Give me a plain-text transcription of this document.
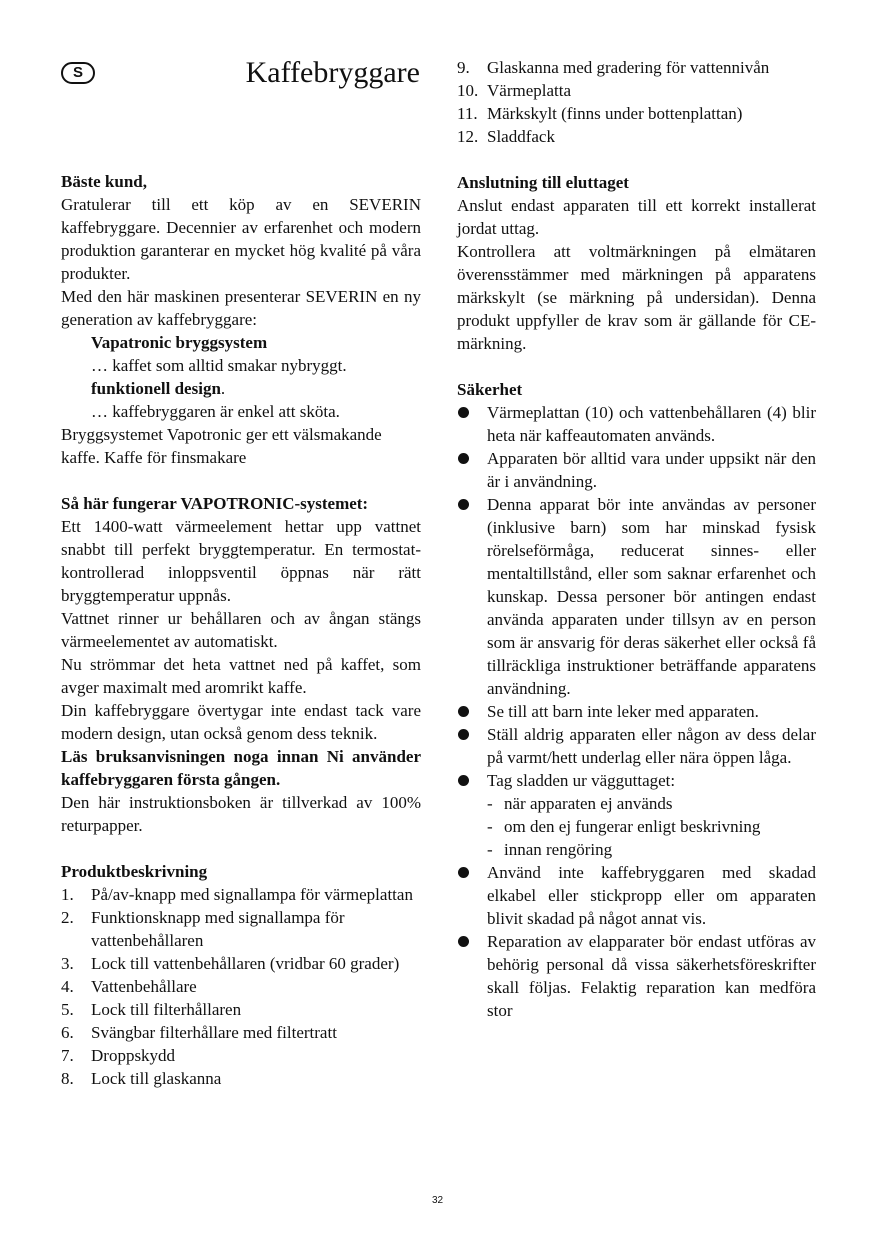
S	Kaffebryggare

Bäste kund,

Gratulerar till ett köp av en SEVERIN kaffebryggare. Decennier av erfarenhet och modern produktion garanterar en mycket hög kvalité på våra produkter.

Med den här maskinen presenterar SEVERIN en ny generation av kaffebryggare:

Vapatronic bryggsystem

… kaffet som alltid smakar nybryggt.

funktionell design.

… kaffebryggaren är enkel att sköta.

Bryggsystemet Vapotronic ger ett välsmakande kaffe. Kaffe för finsmakare

Så här fungerar VAPOTRONIC-systemet:

Ett 1400-watt värmeelement hettar upp vattnet snabbt till perfekt bryggtemperatur. En termostat-kontrollerad inloppsventil öppnas när rätt bryggtemperatur uppnås.

Vattnet rinner ur behållaren och av ångan stängs värmeelementet av automatiskt.

Nu strömmar det heta vattnet ned på kaffet, som avger maximalt med aromrikt kaffe.

Din kaffebryggare övertygar inte endast tack vare modern design, utan också genom dess teknik.

Läs bruksanvisningen noga innan Ni använder kaffebryggaren första gången.

Den här instruktionsboken är tillverkad av 100% returpapper.

Produktbeskrivning

1. På/av-knapp med signallampa för värmeplattan
2. Funktionsknapp med signallampa för vattenbehållaren
3. Lock till vattenbehållaren (vridbar 60 grader)
4. Vattenbehållare
5. Lock till filterhållaren
6. Svängbar filterhållare med filtertratt
7. Droppskydd
8. Lock till glaskanna
9. Glaskanna med gradering för vattennivån
10. Värmeplatta
11. Märkskylt (finns under bottenplattan)
12. Sladdfack

Anslutning till eluttaget

Anslut endast apparaten till ett korrekt installerat jordat uttag.

Kontrollera att voltmärkningen på elmätaren överensstämmer med märkningen på apparatens märkskylt (se märkning på undersidan). Denna produkt uppfyller de krav som är gällande för CE-märkning.

Säkerhet

Värmeplattan (10) och vattenbehållaren (4) blir heta när kaffeautomaten används.
Apparaten bör alltid vara under uppsikt när den är i användning.
Denna apparat bör inte användas av personer (inklusive barn) som har minskad fysisk rörelseförmåga, reducerat sinnes- eller mentaltillstånd, eller som saknar erfarenhet och kunskap. Dessa personer bör antingen endast använda apparaten under tillsyn av en person som är ansvarig för deras säkerhet eller också få tillräckliga instruktioner beträffande apparatens användning.
Se till att barn inte leker med apparaten.
Ställ aldrig apparaten eller någon av dess delar på varmt/hett underlag eller nära öppen låga.
Tag sladden ur vägguttaget:
- när apparaten ej används
- om den ej fungerar enligt beskrivning
- innan rengöring
Använd inte kaffebryggaren med skadad elkabel eller stickpropp eller om apparaten blivit skadad på något annat vis.
Reparation av elapparater bör endast utföras av behörig personal då vissa säkerhetsföreskrifter skall följas. Felaktig reparation kan medföra stor
32
